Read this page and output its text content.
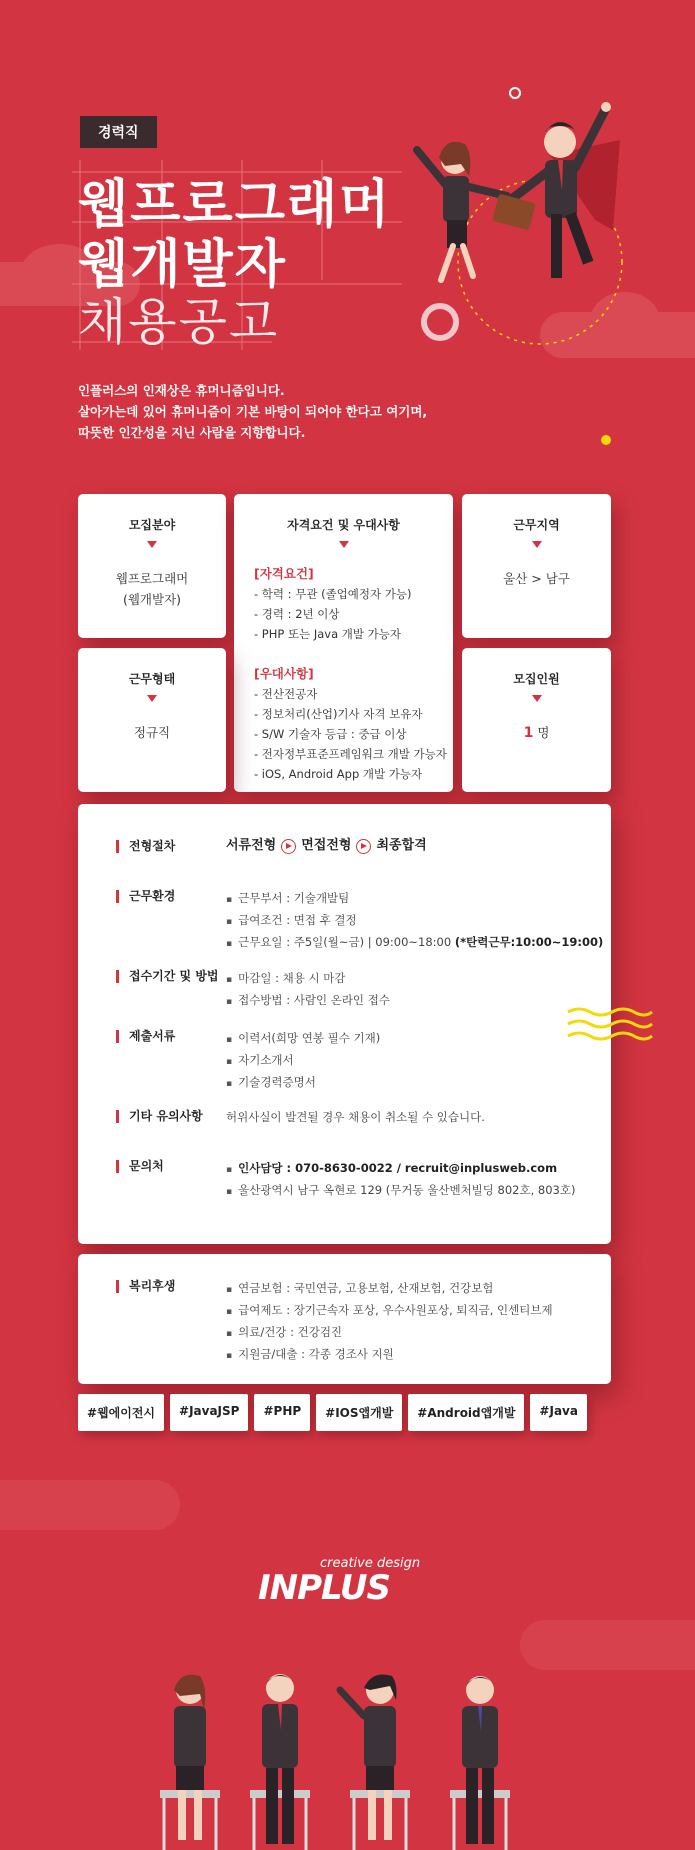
경력직
웹프로그래머
웹개발자
채용공고
인플러스의 인재상은 휴머니즘입니다.
살아가는데 있어 휴머니즘이 기본 바탕이 되어야 한다고 여기며,
따뜻한 인간성을 지닌 사람을 지향합니다.
모집분야
웹프로그래머
(웹개발자)
자격요건 및 우대사항
[자격요건]
- 학력 : 무관 (졸업예정자 가능)
- 경력 : 2년 이상
- PHP 또는 Java 개발 가능자
[우대사항]
- 전산전공자
- 정보처리(산업)기사 자격 보유자
- S/W 기술자 등급 : 중급 이상
- 전자정부표준프레임워크 개발 가능자
- iOS, Android App 개발 가능자
근무지역
울산 > 남구
근무형태
정규직
모집인원
1 명
전형절차	서류전형 면접전형 최종합격
근무환경	▪ 근무부서 : 기술개발팀
▪ 급여조건 : 면접 후 결정
▪ 근무요일 : 주5일(월~금) | 09:00~18:00 (*탄력근무:10:00~19:00)
접수기간 및 방법	▪ 마감일 : 채용 시 마감
▪ 접수방법 : 사람인 온라인 접수
제출서류	▪ 이력서(희망 연봉 필수 기재)
▪ 자기소개서
▪ 기술경력증명서
기타 유의사항 허위사실이 발견될 경우 채용이 취소될 수 있습니다.
문의처	▪ 인사담당 : 070-8630-0022 / recruit@inplusweb.com
▪ 울산광역시 남구 옥현로 129 (무거동 울산벤처빌딩 802호, 803호)
복리후생	▪ 연금보험 : 국민연금, 고용보험, 산재보험, 건강보험
▪ 급여제도 : 장기근속자 포상, 우수사원포상, 퇴직금, 인센티브제
▪ 의료/건강 : 건강검진
▪ 지원금/대출 : 각종 경조사 지원
#웹에이전시	#JavaJSP	#PHP	#IOS앱개발	#Android앱개발	#Java
creative design
INPLUS
